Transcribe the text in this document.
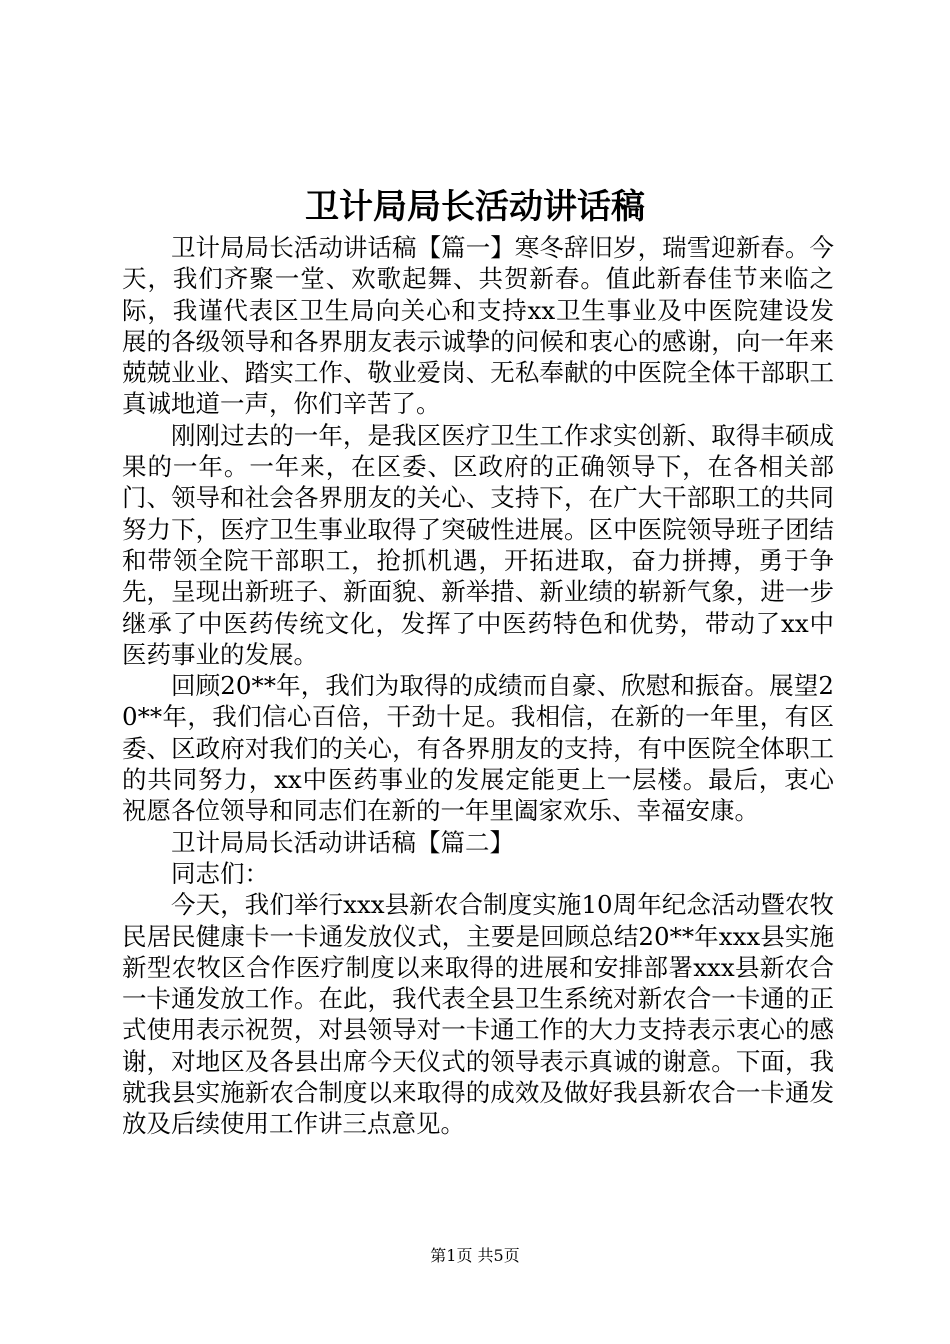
卫计局局长活动讲话稿

卫计局局长活动讲话稿【篇一】寒冬辞旧岁，瑞雪迎新春。今天，我们齐聚一堂、欢歌起舞、共贺新春。值此新春佳节来临之际，我谨代表区卫生局向关心和支持xx卫生事业及中医院建设发展的各级领导和各界朋友表示诚挚的问候和衷心的感谢，向一年来兢兢业业、踏实工作、敬业爱岗、无私奉献的中医院全体干部职工真诚地道一声，你们辛苦了。

刚刚过去的一年，是我区医疗卫生工作求实创新、取得丰硕成果的一年。一年来，在区委、区政府的正确领导下，在各相关部门、领导和社会各界朋友的关心、支持下，在广大干部职工的共同努力下，医疗卫生事业取得了突破性进展。区中医院领导班子团结和带领全院干部职工，抢抓机遇，开拓进取，奋力拼搏，勇于争先，呈现出新班子、新面貌、新举措、新业绩的崭新气象，进一步继承了中医药传统文化，发挥了中医药特色和优势，带动了xx中医药事业的发展。

回顾20**年，我们为取得的成绩而自豪、欣慰和振奋。展望20**年，我们信心百倍，干劲十足。我相信，在新的一年里，有区委、区政府对我们的关心，有各界朋友的支持，有中医院全体职工的共同努力，xx中医药事业的发展定能更上一层楼。最后，衷心祝愿各位领导和同志们在新的一年里阖家欢乐、幸福安康。

卫计局局长活动讲话稿【篇二】

同志们：

今天，我们举行xxx县新农合制度实施10周年纪念活动暨农牧民居民健康卡一卡通发放仪式，主要是回顾总结20**年xxx县实施新型农牧区合作医疗制度以来取得的进展和安排部署xxx县新农合一卡通发放工作。在此，我代表全县卫生系统对新农合一卡通的正式使用表示祝贺，对县领导对一卡通工作的大力支持表示衷心的感谢，对地区及各县出席今天仪式的领导表示真诚的谢意。下面，我就我县实施新农合制度以来取得的成效及做好我县新农合一卡通发放及后续使用工作讲三点意见。

第1页 共5页
